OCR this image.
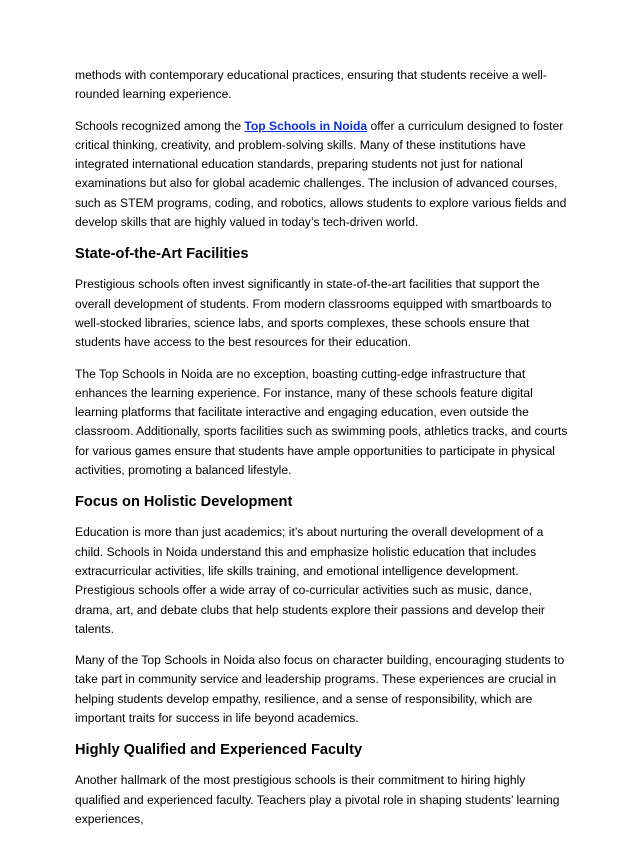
methods with contemporary educational practices, ensuring that students receive a well-rounded learning experience.

Schools recognized among the Top Schools in Noida offer a curriculum designed to foster critical thinking, creativity, and problem-solving skills. Many of these institutions have integrated international education standards, preparing students not just for national examinations but also for global academic challenges. The inclusion of advanced courses, such as STEM programs, coding, and robotics, allows students to explore various fields and develop skills that are highly valued in today’s tech-driven world.

State-of-the-Art Facilities

Prestigious schools often invest significantly in state-of-the-art facilities that support the overall development of students. From modern classrooms equipped with smartboards to well-stocked libraries, science labs, and sports complexes, these schools ensure that students have access to the best resources for their education.

The Top Schools in Noida are no exception, boasting cutting-edge infrastructure that enhances the learning experience. For instance, many of these schools feature digital learning platforms that facilitate interactive and engaging education, even outside the classroom. Additionally, sports facilities such as swimming pools, athletics tracks, and courts for various games ensure that students have ample opportunities to participate in physical activities, promoting a balanced lifestyle.

Focus on Holistic Development

Education is more than just academics; it’s about nurturing the overall development of a child. Schools in Noida understand this and emphasize holistic education that includes extracurricular activities, life skills training, and emotional intelligence development. Prestigious schools offer a wide array of co-curricular activities such as music, dance, drama, art, and debate clubs that help students explore their passions and develop their talents.

Many of the Top Schools in Noida also focus on character building, encouraging students to take part in community service and leadership programs. These experiences are crucial in helping students develop empathy, resilience, and a sense of responsibility, which are important traits for success in life beyond academics.

Highly Qualified and Experienced Faculty

Another hallmark of the most prestigious schools is their commitment to hiring highly qualified and experienced faculty. Teachers play a pivotal role in shaping students’ learning experiences,
